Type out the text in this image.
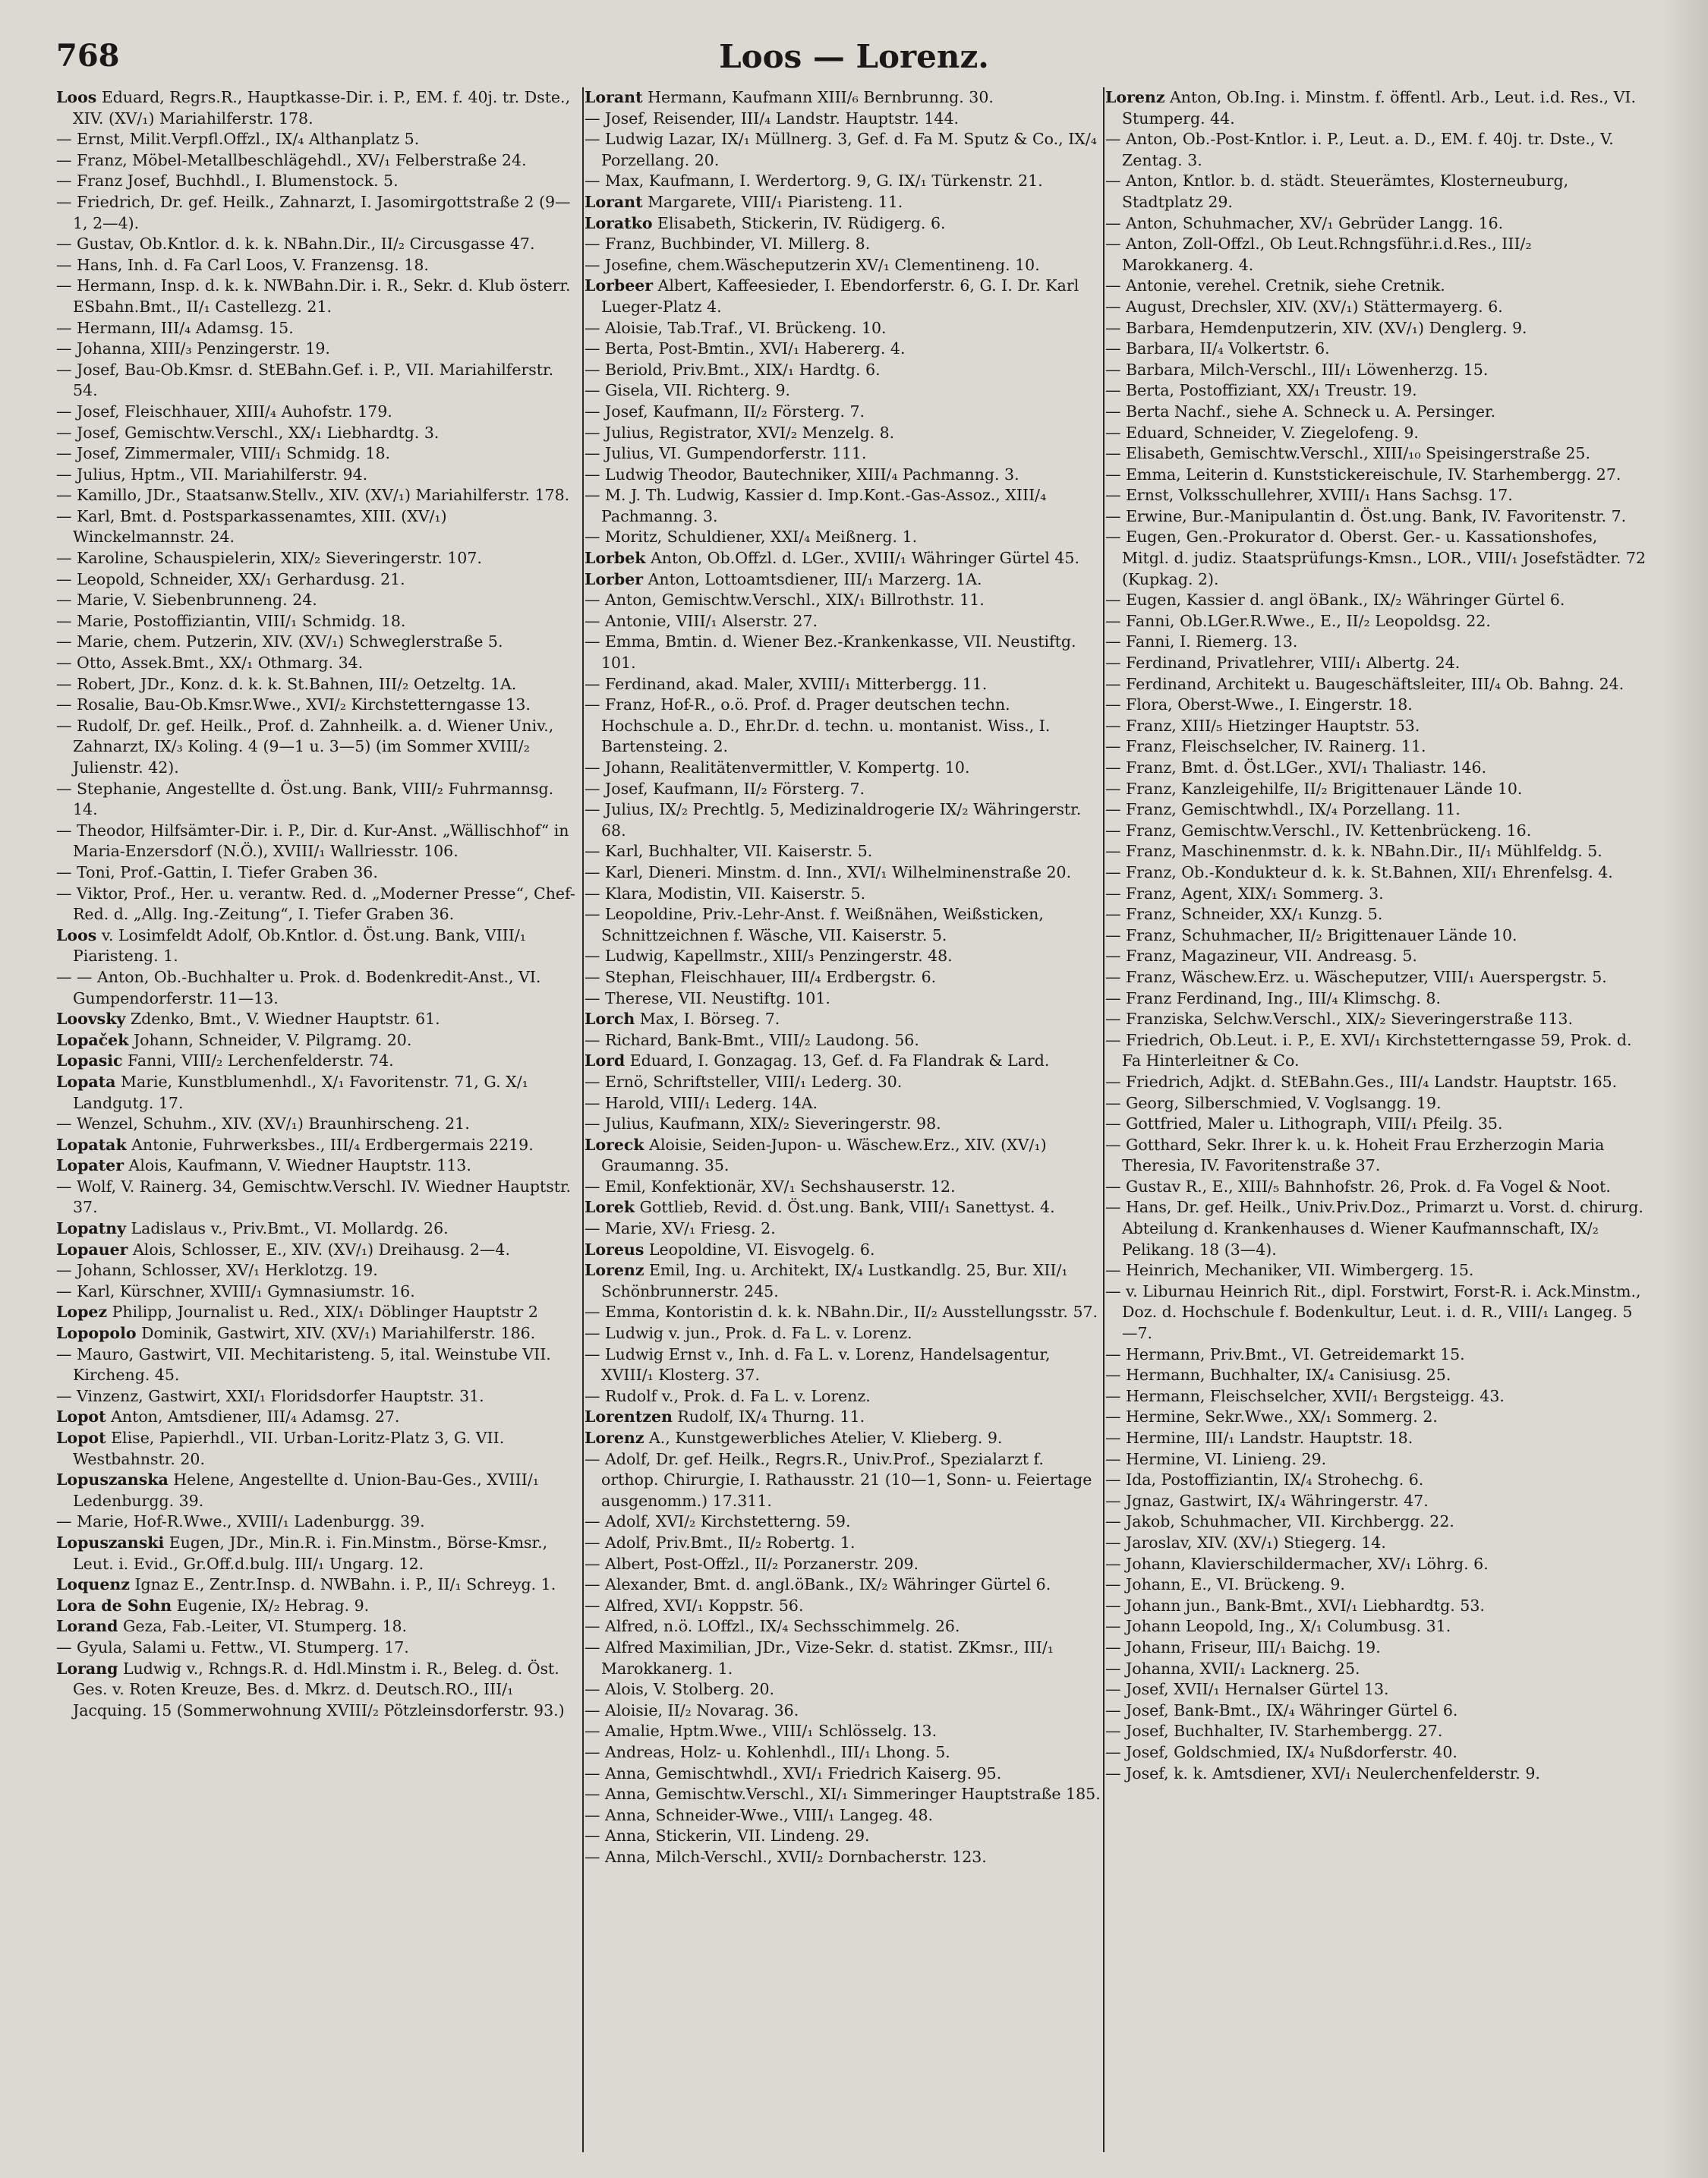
768	Loos — Lorenz.

Loos Eduard, Regrs.R., Hauptkasse-Dir. i. P., EM. f. 40j. tr. Dste., XIV. (XV/₁) Mariahilferstr. 178.

— Ernst, Milit.Verpfl.Offzl., IX/₄ Althanplatz 5.

— Franz, Möbel-Metallbeschlägehdl., XV/₁ Felberstraße 24.

— Franz Josef, Buchhdl., I. Blumenstock. 5.

— Friedrich, Dr. gef. Heilk., Zahnarzt, I. Jasomirgottstraße 2 (9—1, 2—4).

— Gustav, Ob.Kntlor. d. k. k. NBahn.Dir., II/₂ Circusgasse 47.

— Hans, Inh. d. Fa Carl Loos, V. Franzensg. 18.

— Hermann, Insp. d. k. k. NWBahn.Dir. i. R., Sekr. d. Klub österr. ESbahn.Bmt., II/₁ Castellezg. 21.

— Hermann, III/₄ Adamsg. 15.

— Johanna, XIII/₃ Penzingerstr. 19.

— Josef, Bau-Ob.Kmsr. d. StEBahn.Gef. i. P., VII. Mariahilferstr. 54.

— Josef, Fleischhauer, XIII/₄ Auhofstr. 179.

— Josef, Gemischtw.Verschl., XX/₁ Liebhardtg. 3.

— Josef, Zimmermaler, VIII/₁ Schmidg. 18.

— Julius, Hptm., VII. Mariahilferstr. 94.

— Kamillo, JDr., Staatsanw.Stellv., XIV. (XV/₁) Mariahilferstr. 178.

— Karl, Bmt. d. Postsparkassenamtes, XIII. (XV/₁) Winckelmannstr. 24.

— Karoline, Schauspielerin, XIX/₂ Sieveringerstr. 107.

— Leopold, Schneider, XX/₁ Gerhardusg. 21.

— Marie, V. Siebenbrunneng. 24.

— Marie, Postoffiziantin, VIII/₁ Schmidg. 18.

— Marie, chem. Putzerin, XIV. (XV/₁) Schweglerstraße 5.

— Otto, Assek.Bmt., XX/₁ Othmarg. 34.

— Robert, JDr., Konz. d. k. k. St.Bahnen, III/₂ Oetzeltg. 1A.

— Rosalie, Bau-Ob.Kmsr.Wwe., XVI/₂ Kirchstetterngasse 13.

— Rudolf, Dr. gef. Heilk., Prof. d. Zahnheilk. a. d. Wiener Univ., Zahnarzt, IX/₃ Koling. 4 (9—1 u. 3—5) (im Sommer XVIII/₂ Julienstr. 42).

— Stephanie, Angestellte d. Öst.ung. Bank, VIII/₂ Fuhrmannsg. 14.

— Theodor, Hilfsämter-Dir. i. P., Dir. d. Kur-Anst. „Wällischhof“ in Maria-Enzersdorf (N.Ö.), XVIII/₁ Wallriesstr. 106.

— Toni, Prof.-Gattin, I. Tiefer Graben 36.

— Viktor, Prof., Her. u. verantw. Red. d. „Moderner Presse“, Chef-Red. d. „Allg. Ing.-Zeitung“, I. Tiefer Graben 36.

Loos v. Losimfeldt Adolf, Ob.Kntlor. d. Öst.ung. Bank, VIII/₁ Piaristeng. 1.

— — Anton, Ob.-Buchhalter u. Prok. d. Bodenkredit-Anst., VI. Gumpendorferstr. 11—13.

Loovsky Zdenko, Bmt., V. Wiedner Hauptstr. 61.

Lopaček Johann, Schneider, V. Pilgramg. 20.

Lopasic Fanni, VIII/₂ Lerchenfelderstr. 74.

Lopata Marie, Kunstblumenhdl., X/₁ Favoritenstr. 71, G. X/₁ Landgutg. 17.

— Wenzel, Schuhm., XIV. (XV/₁) Braunhirscheng. 21.

Lopatak Antonie, Fuhrwerksbes., III/₄ Erdbergermais 2219.

Lopater Alois, Kaufmann, V. Wiedner Hauptstr. 113.

— Wolf, V. Rainerg. 34, Gemischtw.Verschl. IV. Wiedner Hauptstr. 37.

Lopatny Ladislaus v., Priv.Bmt., VI. Mollardg. 26.

Lopauer Alois, Schlosser, E., XIV. (XV/₁) Dreihausg. 2—4.

— Johann, Schlosser, XV/₁ Herklotzg. 19.

— Karl, Kürschner, XVIII/₁ Gymnasiumstr. 16.

Lopez Philipp, Journalist u. Red., XIX/₁ Döblinger Hauptstr 2

Lopopolo Dominik, Gastwirt, XIV. (XV/₁) Mariahilferstr. 186.

— Mauro, Gastwirt, VII. Mechitaristeng. 5, ital. Weinstube VII. Kircheng. 45.

— Vinzenz, Gastwirt, XXI/₁ Floridsdorfer Hauptstr. 31.

Lopot Anton, Amtsdiener, III/₄ Adamsg. 27.

Lopot Elise, Papierhdl., VII. Urban-Loritz-Platz 3, G. VII. Westbahnstr. 20.

Lopuszanska Helene, Angestellte d. Union-Bau-Ges., XVIII/₁ Ledenburgg. 39.

— Marie, Hof-R.Wwe., XVIII/₁ Ladenburgg. 39.

Lopuszanski Eugen, JDr., Min.R. i. Fin.Minstm., Börse-Kmsr., Leut. i. Evid., Gr.Off.d.bulg. III/₁ Ungarg. 12.

Loquenz Ignaz E., Zentr.Insp. d. NWBahn. i. P., II/₁ Schreyg. 1.

Lora de Sohn Eugenie, IX/₂ Hebrag. 9.

Lorand Geza, Fab.-Leiter, VI. Stumperg. 18.

— Gyula, Salami u. Fettw., VI. Stumperg. 17.

Lorang Ludwig v., Rchngs.R. d. Hdl.Minstm i. R., Beleg. d. Öst. Ges. v. Roten Kreuze, Bes. d. Mkrz. d. Deutsch.RO., III/₁ Jacquing. 15 (Sommerwohnung XVIII/₂ Pötzleinsdorferstr. 93.)

Lorant Hermann, Kaufmann XIII/₆ Bernbrunng. 30.

— Josef, Reisender, III/₄ Landstr. Hauptstr. 144.

— Ludwig Lazar, IX/₁ Müllnerg. 3, Gef. d. Fa M. Sputz & Co., IX/₄ Porzellang. 20.

— Max, Kaufmann, I. Werdertorg. 9, G. IX/₁ Türkenstr. 21.

Lorant Margarete, VIII/₁ Piaristeng. 11.

Loratko Elisabeth, Stickerin, IV. Rüdigerg. 6.

— Franz, Buchbinder, VI. Millerg. 8.

— Josefine, chem.Wäscheputzerin XV/₁ Clementineng. 10.

Lorbeer Albert, Kaffeesieder, I. Ebendorferstr. 6, G. I. Dr. Karl Lueger-Platz 4.

— Aloisie, Tab.Traf., VI. Brückeng. 10.

— Berta, Post-Bmtin., XVI/₁ Habererg. 4.

— Beriold, Priv.Bmt., XIX/₁ Hardtg. 6.

— Gisela, VII. Richterg. 9.

— Josef, Kaufmann, II/₂ Försterg. 7.

— Julius, Registrator, XVI/₂ Menzelg. 8.

— Julius, VI. Gumpendorferstr. 111.

— Ludwig Theodor, Bautechniker, XIII/₄ Pachmanng. 3.

— M. J. Th. Ludwig, Kassier d. Imp.Kont.-Gas-Assoz., XIII/₄ Pachmanng. 3.

— Moritz, Schuldiener, XXI/₄ Meißnerg. 1.

Lorbek Anton, Ob.Offzl. d. LGer., XVIII/₁ Währinger Gürtel 45.

Lorber Anton, Lottoamtsdiener, III/₁ Marzerg. 1A.

— Anton, Gemischtw.Verschl., XIX/₁ Billrothstr. 11.

— Antonie, VIII/₁ Alserstr. 27.

— Emma, Bmtin. d. Wiener Bez.-Krankenkasse, VII. Neustiftg. 101.

— Ferdinand, akad. Maler, XVIII/₁ Mitterbergg. 11.

— Franz, Hof-R., o.ö. Prof. d. Prager deutschen techn. Hochschule a. D., Ehr.Dr. d. techn. u. montanist. Wiss., I. Bartensteing. 2.

— Johann, Realitätenvermittler, V. Kompertg. 10.

— Josef, Kaufmann, II/₂ Försterg. 7.

— Julius, IX/₂ Prechtlg. 5, Medizinaldrogerie IX/₂ Währingerstr. 68.

— Karl, Buchhalter, VII. Kaiserstr. 5.

— Karl, Dieneri. Minstm. d. Inn., XVI/₁ Wilhelminenstraße 20.

— Klara, Modistin, VII. Kaiserstr. 5.

— Leopoldine, Priv.-Lehr-Anst. f. Weißnähen, Weißsticken, Schnittzeichnen f. Wäsche, VII. Kaiserstr. 5.

— Ludwig, Kapellmstr., XIII/₃ Penzingerstr. 48.

— Stephan, Fleischhauer, III/₄ Erdbergstr. 6.

— Therese, VII. Neustiftg. 101.

Lorch Max, I. Börseg. 7.

— Richard, Bank-Bmt., VIII/₂ Laudong. 56.

Lord Eduard, I. Gonzagag. 13, Gef. d. Fa Flandrak & Lard.

— Ernö, Schriftsteller, VIII/₁ Lederg. 30.

— Harold, VIII/₁ Lederg. 14A.

— Julius, Kaufmann, XIX/₂ Sieveringerstr. 98.

Loreck Aloisie, Seiden-Jupon- u. Wäschew.Erz., XIV. (XV/₁) Graumanng. 35.

— Emil, Konfektionär, XV/₁ Sechshauserstr. 12.

Lorek Gottlieb, Revid. d. Öst.ung. Bank, VIII/₁ Sanettyst. 4.

— Marie, XV/₁ Friesg. 2.

Loreus Leopoldine, VI. Eisvogelg. 6.

Lorenz Emil, Ing. u. Architekt, IX/₄ Lustkandlg. 25, Bur. XII/₁ Schönbrunnerstr. 245.

— Emma, Kontoristin d. k. k. NBahn.Dir., II/₂ Ausstellungsstr. 57.

— Ludwig v. jun., Prok. d. Fa L. v. Lorenz.

— Ludwig Ernst v., Inh. d. Fa L. v. Lorenz, Handelsagentur, XVIII/₁ Klosterg. 37.

— Rudolf v., Prok. d. Fa L. v. Lorenz.

Lorentzen Rudolf, IX/₄ Thurng. 11.

Lorenz A., Kunstgewerbliches Atelier, V. Klieberg. 9.

— Adolf, Dr. gef. Heilk., Regrs.R., Univ.Prof., Spezialarzt f. orthop. Chirurgie, I. Rathausstr. 21 (10—1, Sonn- u. Feiertage ausgenomm.) 17.311.

— Adolf, XVI/₂ Kirchstetterng. 59.

— Adolf, Priv.Bmt., II/₂ Robertg. 1.

— Albert, Post-Offzl., II/₂ Porzanerstr. 209.

— Alexander, Bmt. d. angl.öBank., IX/₂ Währinger Gürtel 6.

— Alfred, XVI/₁ Koppstr. 56.

— Alfred, n.ö. LOffzl., IX/₄ Sechsschimmelg. 26.

— Alfred Maximilian, JDr., Vize-Sekr. d. statist. ZKmsr., III/₁ Marokkanerg. 1.

— Alois, V. Stolberg. 20.

— Aloisie, II/₂ Novarag. 36.

— Amalie, Hptm.Wwe., VIII/₁ Schlösselg. 13.

— Andreas, Holz- u. Kohlenhdl., III/₁ Lhong. 5.

— Anna, Gemischtwhdl., XVI/₁ Friedrich Kaiserg. 95.

— Anna, Gemischtw.Verschl., XI/₁ Simmeringer Hauptstraße 185.

— Anna, Schneider-Wwe., VIII/₁ Langeg. 48.

— Anna, Stickerin, VII. Lindeng. 29.

— Anna, Milch-Verschl., XVII/₂ Dornbacherstr. 123.

Lorenz Anton, Ob.Ing. i. Minstm. f. öffentl. Arb., Leut. i.d. Res., VI. Stumperg. 44.

— Anton, Ob.-Post-Kntlor. i. P., Leut. a. D., EM. f. 40j. tr. Dste., V. Zentag. 3.

— Anton, Kntlor. b. d. städt. Steuerämtes, Klosterneuburg, Stadtplatz 29.

— Anton, Schuhmacher, XV/₁ Gebrüder Langg. 16.

— Anton, Zoll-Offzl., Ob Leut.Rchngsführ.i.d.Res., III/₂ Marokkanerg. 4.

— Antonie, verehel. Cretnik, siehe Cretnik.

— August, Drechsler, XIV. (XV/₁) Stättermayerg. 6.

— Barbara, Hemdenputzerin, XIV. (XV/₁) Denglerg. 9.

— Barbara, II/₄ Volkertstr. 6.

— Barbara, Milch-Verschl., III/₁ Löwenherzg. 15.

— Berta, Postoffiziant, XX/₁ Treustr. 19.

— Berta Nachf., siehe A. Schneck u. A. Persinger.

— Eduard, Schneider, V. Ziegelofeng. 9.

— Elisabeth, Gemischtw.Verschl., XIII/₁₀ Speisingerstraße 25.

— Emma, Leiterin d. Kunststickereischule, IV. Starhembergg. 27.

— Ernst, Volksschullehrer, XVIII/₁ Hans Sachsg. 17.

— Erwine, Bur.-Manipulantin d. Öst.ung. Bank, IV. Favoritenstr. 7.

— Eugen, Gen.-Prokurator d. Oberst. Ger.- u. Kassationshofes, Mitgl. d. judiz. Staatsprüfungs-Kmsn., LOR., VIII/₁ Josefstädter. 72 (Kupkag. 2).

— Eugen, Kassier d. angl öBank., IX/₂ Währinger Gürtel 6.

— Fanni, Ob.LGer.R.Wwe., E., II/₂ Leopoldsg. 22.

— Fanni, I. Riemerg. 13.

— Ferdinand, Privatlehrer, VIII/₁ Albertg. 24.

— Ferdinand, Architekt u. Baugeschäftsleiter, III/₄ Ob. Bahng. 24.

— Flora, Oberst-Wwe., I. Eingerstr. 18.

— Franz, XIII/₅ Hietzinger Hauptstr. 53.

— Franz, Fleischselcher, IV. Rainerg. 11.

— Franz, Bmt. d. Öst.LGer., XVI/₁ Thaliastr. 146.

— Franz, Kanzleigehilfe, II/₂ Brigittenauer Lände 10.

— Franz, Gemischtwhdl., IX/₄ Porzellang. 11.

— Franz, Gemischtw.Verschl., IV. Kettenbrückeng. 16.

— Franz, Maschinenmstr. d. k. k. NBahn.Dir., II/₁ Mühlfeldg. 5.

— Franz, Ob.-Kondukteur d. k. k. St.Bahnen, XII/₁ Ehrenfelsg. 4.

— Franz, Agent, XIX/₁ Sommerg. 3.

— Franz, Schneider, XX/₁ Kunzg. 5.

— Franz, Schuhmacher, II/₂ Brigittenauer Lände 10.

— Franz, Magazineur, VII. Andreasg. 5.

— Franz, Wäschew.Erz. u. Wäscheputzer, VIII/₁ Auerspergstr. 5.

— Franz Ferdinand, Ing., III/₄ Klimschg. 8.

— Franziska, Selchw.Verschl., XIX/₂ Sieveringerstraße 113.

— Friedrich, Ob.Leut. i. P., E. XVI/₁ Kirchstetterngasse 59, Prok. d. Fa Hinterleitner & Co.

— Friedrich, Adjkt. d. StEBahn.Ges., III/₄ Landstr. Hauptstr. 165.

— Georg, Silberschmied, V. Voglsangg. 19.

— Gottfried, Maler u. Lithograph, VIII/₁ Pfeilg. 35.

— Gotthard, Sekr. Ihrer k. u. k. Hoheit Frau Erzherzogin Maria Theresia, IV. Favoritenstraße 37.

— Gustav R., E., XIII/₅ Bahnhofstr. 26, Prok. d. Fa Vogel & Noot.

— Hans, Dr. gef. Heilk., Univ.Priv.Doz., Primarzt u. Vorst. d. chirurg. Abteilung d. Krankenhauses d. Wiener Kaufmannschaft, IX/₂ Pelikang. 18 (3—4).

— Heinrich, Mechaniker, VII. Wimbergerg. 15.

— v. Liburnau Heinrich Rit., dipl. Forstwirt, Forst-R. i. Ack.Minstm., Doz. d. Hochschule f. Bodenkultur, Leut. i. d. R., VIII/₁ Langeg. 5—7.

— Hermann, Priv.Bmt., VI. Getreidemarkt 15.

— Hermann, Buchhalter, IX/₄ Canisiusg. 25.

— Hermann, Fleischselcher, XVII/₁ Bergsteigg. 43.

— Hermine, Sekr.Wwe., XX/₁ Sommerg. 2.

— Hermine, III/₁ Landstr. Hauptstr. 18.

— Hermine, VI. Linieng. 29.

— Ida, Postoffiziantin, IX/₄ Strohechg. 6.

— Jgnaz, Gastwirt, IX/₄ Währingerstr. 47.

— Jakob, Schuhmacher, VII. Kirchbergg. 22.

— Jaroslav, XIV. (XV/₁) Stiegerg. 14.

— Johann, Klavierschildermacher, XV/₁ Löhrg. 6.

— Johann, E., VI. Brückeng. 9.

— Johann jun., Bank-Bmt., XVI/₁ Liebhardtg. 53.

— Johann Leopold, Ing., X/₁ Columbusg. 31.

— Johann, Friseur, III/₁ Baichg. 19.

— Johanna, XVII/₁ Lacknerg. 25.

— Josef, XVII/₁ Hernalser Gürtel 13.

— Josef, Bank-Bmt., IX/₄ Währinger Gürtel 6.

— Josef, Buchhalter, IV. Starhembergg. 27.

— Josef, Goldschmied, IX/₄ Nußdorferstr. 40.

— Josef, k. k. Amtsdiener, XVI/₁ Neulerchenfelderstr. 9.
